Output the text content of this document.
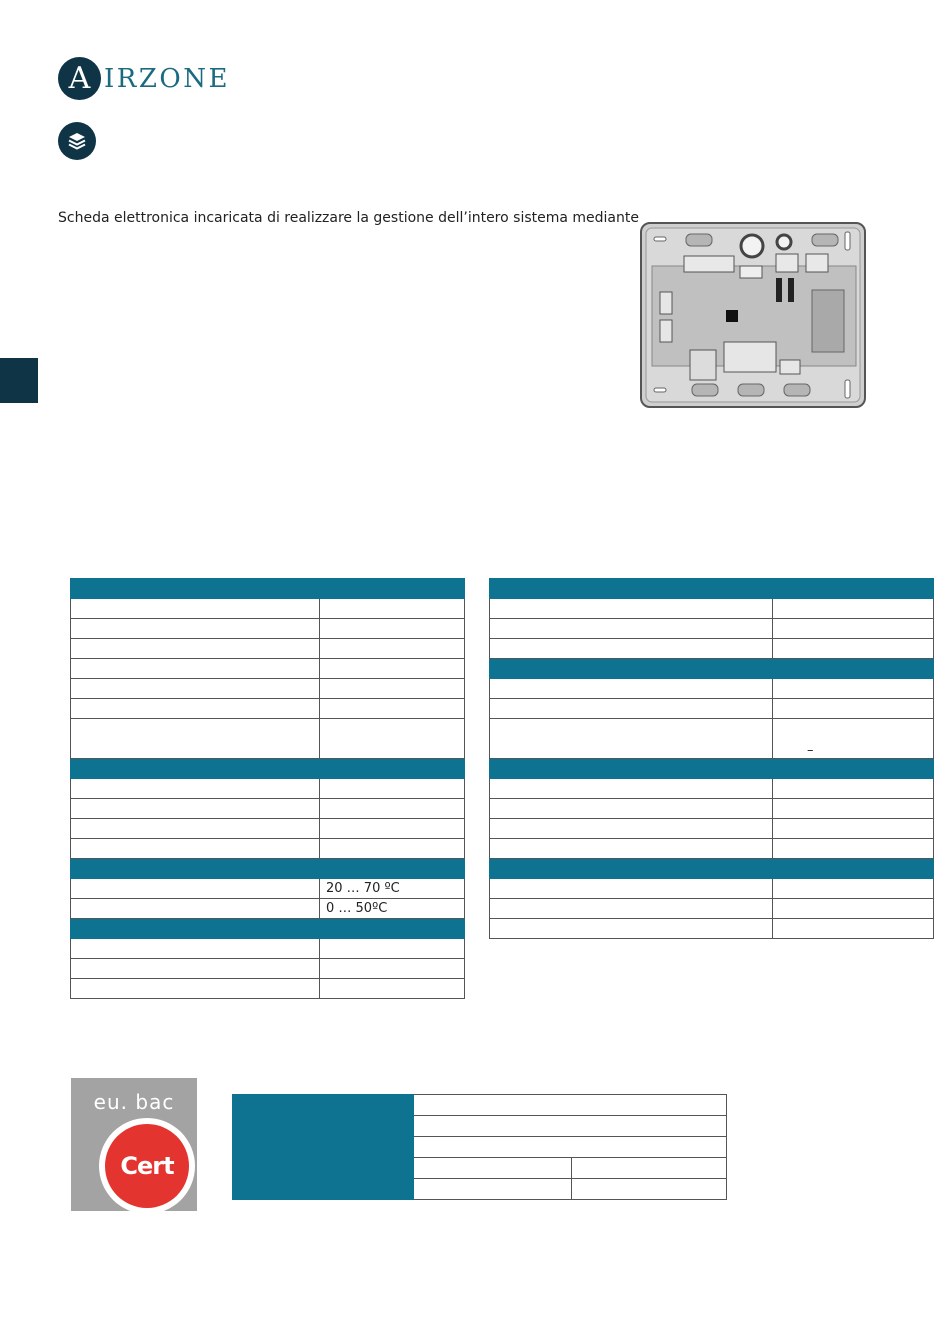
A IRZONE
Scheda elettronica incaricata di realizzare la gestione dell’intero sistema mediante

	20 … 70 ºC
	0 … 50ºC

	–

eu. bac
Cert
